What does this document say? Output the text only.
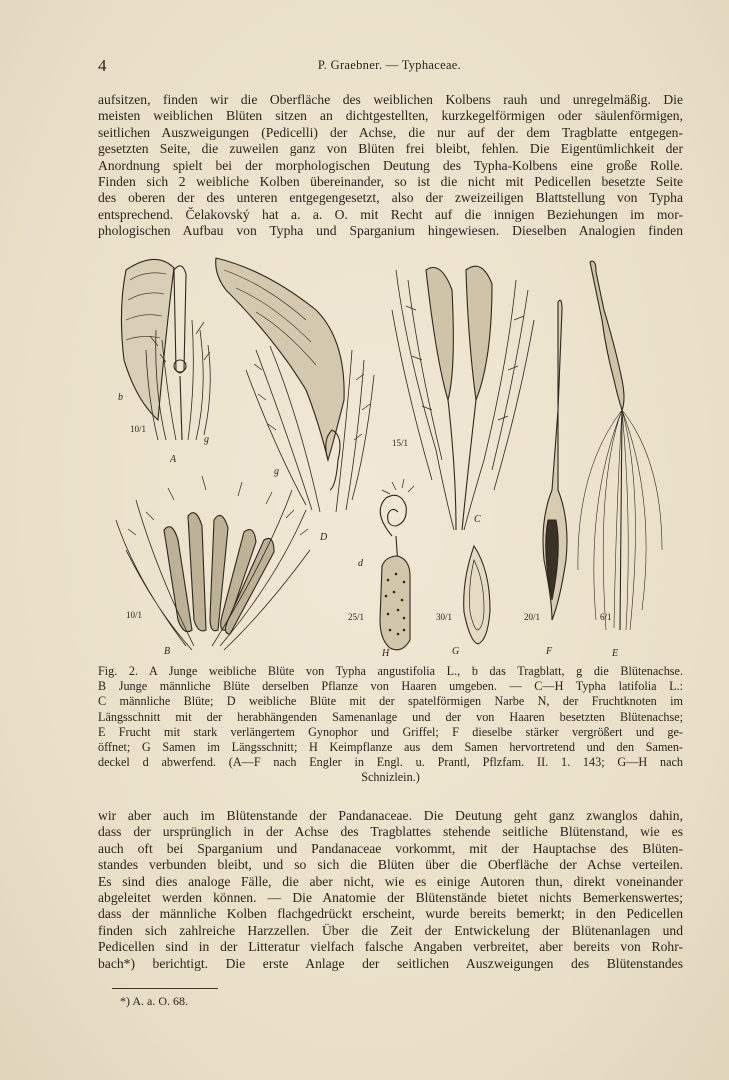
4	P. Graebner. — Typhaceae.
aufsitzen, finden wir die Oberfläche des weiblichen Kolbens rauh und unregelmäßig. Die
meisten weiblichen Blüten sitzen an dichtgestellten, kurzkegelförmigen oder säulenförmigen,
seitlichen Auszweigungen (Pedicelli) der Achse, die nur auf der dem Tragblatte entgegen-
gesetzten Seite, die zuweilen ganz von Blüten frei bleibt, fehlen. Die Eigentümlichkeit der
Anordnung spielt bei der morphologischen Deutung des Typha-Kolbens eine große Rolle.
Finden sich 2 weibliche Kolben übereinander, so ist die nicht mit Pedicellen besetzte Seite
des oberen der des unteren entgegengesetzt, also der zweizeiligen Blattstellung von Typha
entsprechend. Čelakovský hat a. a. O. mit Recht auf die innigen Beziehungen im mor-
phologischen Aufbau von Typha und Sparganium hingewiesen. Dieselben Analogien finden
A
B
C
D
E
F
G
H
b
g
g
d
10/1
15/1
10/1	25/1	30/1	20/1	6/1
Fig. 2. A Junge weibliche Blüte von Typha angustifolia L., b das Tragblatt, g die Blütenachse.
B Junge männliche Blüte derselben Pflanze von Haaren umgeben. — C—H Typha latifolia L.:
C männliche Blüte; D weibliche Blüte mit der spatelförmigen Narbe N, der Fruchtknoten im
Längsschnitt mit der herabhängenden Samenanlage und der von Haaren besetzten Blütenachse;
E Frucht mit stark verlängertem Gynophor und Griffel; F dieselbe stärker vergrößert und ge-
öffnet; G Samen im Längsschnitt; H Keimpflanze aus dem Samen hervortretend und den Samen-
deckel d abwerfend. (A—F nach Engler in Engl. u. Prantl, Pflzfam. II. 1. 143; G—H nach
Schnizlein.)
wir aber auch im Blütenstande der Pandanaceae. Die Deutung geht ganz zwanglos dahin,
dass der ursprünglich in der Achse des Tragblattes stehende seitliche Blütenstand, wie es
auch oft bei Sparganium und Pandanaceae vorkommt, mit der Hauptachse des Blüten-
standes verbunden bleibt, und so sich die Blüten über die Oberfläche der Achse verteilen.
Es sind dies analoge Fälle, die aber nicht, wie es einige Autoren thun, direkt voneinander
abgeleitet werden können. — Die Anatomie der Blütenstände bietet nichts Bemerkenswertes;
dass der männliche Kolben flachgedrückt erscheint, wurde bereits bemerkt; in den Pedicellen
finden sich zahlreiche Harzzellen. Über die Zeit der Entwickelung der Blütenanlagen und
Pedicellen sind in der Litteratur vielfach falsche Angaben verbreitet, aber bereits von Rohr-
bach*) berichtigt. Die erste Anlage der seitlichen Auszweigungen des Blütenstandes
*) A. a. O. 68.
